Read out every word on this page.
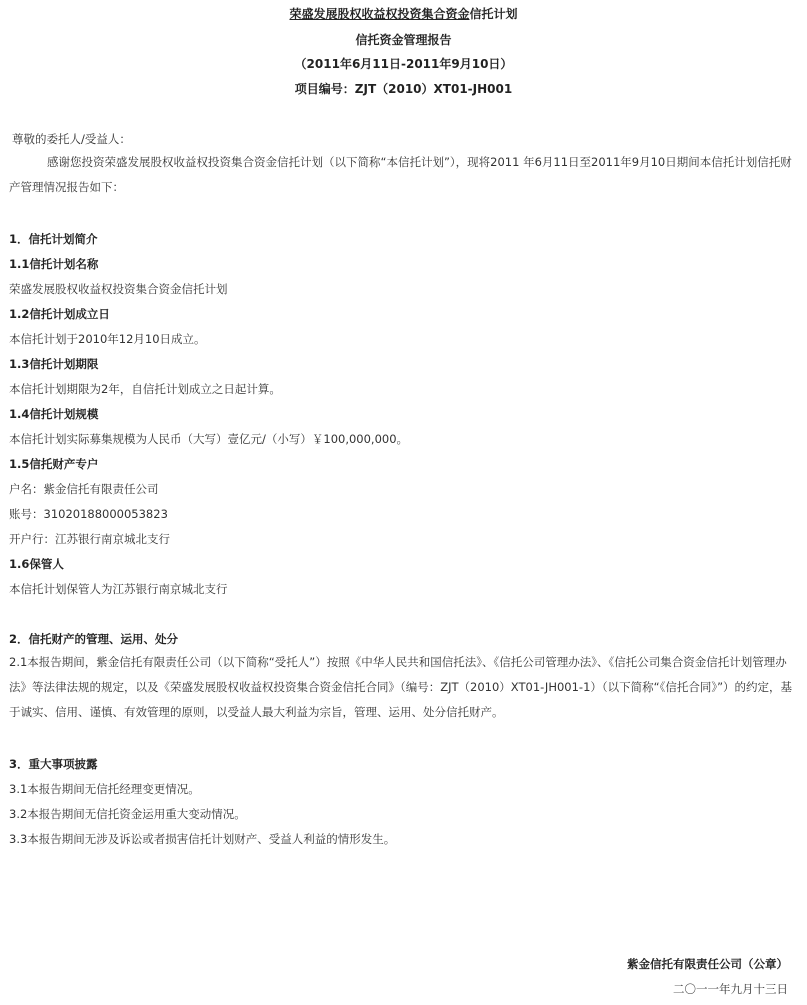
荣盛发展股权收益权投资集合资金信托计划
信托资金管理报告
（2011年6月11日-2011年9月10日）
项目编号：ZJT（2010）XT01-JH001
尊敬的委托人/受益人：
感谢您投资荣盛发展股权收益权投资集合资金信托计划（以下简称“本信托计划”），现将2011 年6月11日至2011年9月10日期间本信托计划信托财产管理情况报告如下：
1．信托计划简介
1.1信托计划名称
荣盛发展股权收益权投资集合资金信托计划
1.2信托计划成立日
本信托计划于2010年12月10日成立。
1.3信托计划期限
本信托计划期限为2年，自信托计划成立之日起计算。
1.4信托计划规模
本信托计划实际募集规模为人民币（大写）壹亿元/（小写）￥100,000,000。
1.5信托财产专户
户名：紫金信托有限责任公司
账号：31020188000053823
开户行：江苏银行南京城北支行
1.6保管人
本信托计划保管人为江苏银行南京城北支行
2．信托财产的管理、运用、处分
2.1本报告期间，紫金信托有限责任公司（以下简称“受托人”）按照《中华人民共和国信托法》、《信托公司管理办法》、《信托公司集合资金信托计划管理办法》等法律法规的规定，以及《荣盛发展股权收益权投资集合资金信托合同》（编号：ZJT（2010）XT01-JH001-1）（以下简称“《信托合同》”）的约定，基于诚实、信用、谨慎、有效管理的原则，以受益人最大利益为宗旨，管理、运用、处分信托财产。
3．重大事项披露
3.1本报告期间无信托经理变更情况。
3.2本报告期间无信托资金运用重大变动情况。
3.3本报告期间无涉及诉讼或者损害信托计划财产、受益人利益的情形发生。
紫金信托有限责任公司（公章）
二〇一一年九月十三日
